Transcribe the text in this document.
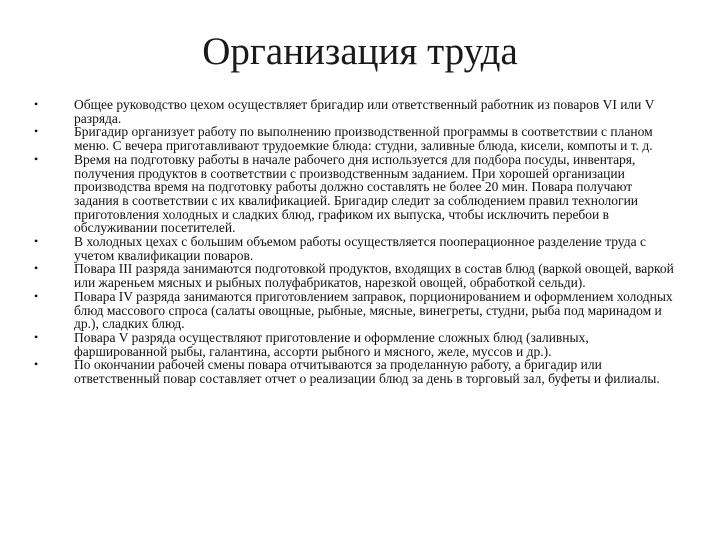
Организация труда
•	Общее руководство цехом осуществляет бригадир или ответственный работник из поваров VI или V разряда.
•	Бригадир организует работу по выполнению производственной программы в соответствии с планом меню. С вечера приготавливают трудоемкие блюда: студни, заливные блюда, кисели, компоты и т. д.
•	Время на подготовку работы в начале рабочего дня используется для подбора посуды, инвентаря, получения продуктов в соответствии с производственным заданием. При хорошей организации производства время на подготовку работы должно составлять не более 20 мин. Повара получают задания в соответствии с их квалификацией. Бригадир следит за соблюдением правил технологии приготовления холодных и сладких блюд, графиком их выпуска, чтобы исключить перебои в обслуживании посетителей.
•	В холодных цехах с большим объемом работы осуществляется пооперационное разделение труда с учетом квалификации поваров.
•	Повара III разряда занимаются подготовкой продуктов, входящих в состав блюд (варкой овощей, варкой или жареньем мясных и рыбных полуфабрикатов, нарезкой овощей, обработкой сельди).
•	Повара IV разряда занимаются приготовлением заправок, порционированием и оформлением холодных блюд массового спроса (салаты овощные, рыбные, мясные, винегреты, студни, рыба под маринадом и др.), сладких блюд.
•	Повара V разряда осуществляют приготовление и оформление сложных блюд (заливных, фаршированной рыбы, галантина, ассорти рыбного и мясного, желе, муссов и др.).
•	По окончании рабочей смены повара отчитываются за проделанную работу, а бригадир или ответственный повар составляет отчет о реализации блюд за день в торговый зал, буфеты и филиалы.
